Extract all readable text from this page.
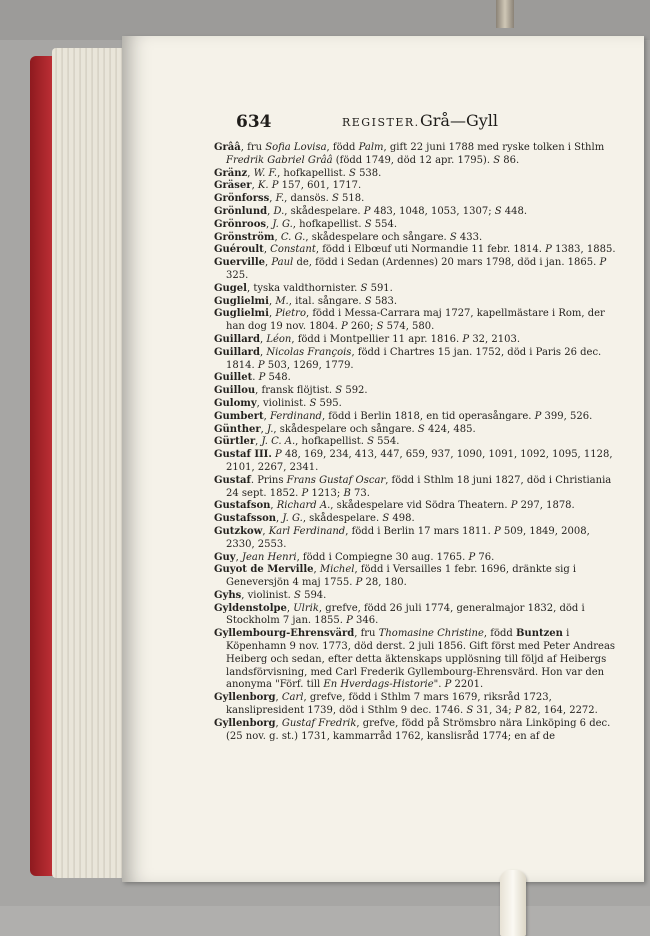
634	REGISTER. Grå—Gyll

Grââ, fru Sofia Lovisa, född Palm, gift 22 juni 1788 med ryske tolken i Sthlm Fredrik Gabriel Grââ (född 1749, död 12 apr. 1795). S 86.

Gränz, W. F., hofkapellist. S 538.

Gräser, K. P 157, 601, 1717.

Grönforss, F., dansös. S 518.

Grönlund, D., skådespelare. P 483, 1048, 1053, 1307; S 448.

Grönroos, J. G., hofkapellist. S 554.

Grönström, C. G., skådespelare och sångare. S 433.

Guéroult, Constant, född i Elbœuf uti Normandie 11 febr. 1814. P 1383, 1885.

Guerville, Paul de, född i Sedan (Ardennes) 20 mars 1798, död i jan. 1865. P 325.

Gugel, tyska valdthornister. S 591.

Guglielmi, M., ital. sångare. S 583.

Guglielmi, Pietro, född i Messa-Carrara maj 1727, kapellmästare i Rom, der han dog 19 nov. 1804. P 260; S 574, 580.

Guillard, Léon, född i Montpellier 11 apr. 1816. P 32, 2103.

Guillard, Nicolas François, född i Chartres 15 jan. 1752, död i Paris 26 dec. 1814. P 503, 1269, 1779.

Guillet. P 548.

Guillou, fransk flöjtist. S 592.

Gulomy, violinist. S 595.

Gumbert, Ferdinand, född i Berlin 1818, en tid operasångare. P 399, 526.

Günther, J., skådespelare och sångare. S 424, 485.

Gürtler, J. C. A., hofkapellist. S 554.

Gustaf III. P 48, 169, 234, 413, 447, 659, 937, 1090, 1091, 1092, 1095, 1128, 2101, 2267, 2341.

Gustaf. Prins Frans Gustaf Oscar, född i Sthlm 18 juni 1827, död i Christiania 24 sept. 1852. P 1213; B 73.

Gustafson, Richard A., skådespelare vid Södra Theatern. P 297, 1878.

Gustafsson, J. G., skådespelare. S 498.

Gutzkow, Karl Ferdinand, född i Berlin 17 mars 1811. P 509, 1849, 2008, 2330, 2553.

Guy, Jean Henri, född i Compiegne 30 aug. 1765. P 76.

Guyot de Merville, Michel, född i Versailles 1 febr. 1696, dränkte sig i Geneversjön 4 maj 1755. P 28, 180.

Gyhs, violinist. S 594.

Gyldenstolpe, Ulrik, grefve, född 26 juli 1774, generalmajor 1832, död i Stockholm 7 jan. 1855. P 346.

Gyllembourg-Ehrensvärd, fru Thomasine Christine, född Buntzen i Köpenhamn 9 nov. 1773, död derst. 2 juli 1856. Gift först med Peter Andreas Heiberg och sedan, efter detta äktenskaps upplösning till följd af Heibergs landsförvisning, med Carl Frederik Gyllembourg-Ehrensvärd. Hon var den anonyma "Förf. till En Hverdags-Historie". P 2201.

Gyllenborg, Carl, grefve, född i Sthlm 7 mars 1679, riksråd 1723, kanslipresident 1739, död i Sthlm 9 dec. 1746. S 31, 34; P 82, 164, 2272.

Gyllenborg, Gustaf Fredrik, grefve, född på Strömsbro nära Linköping 6 dec. (25 nov. g. st.) 1731, kammarråd 1762, kanslisråd 1774; en af de
